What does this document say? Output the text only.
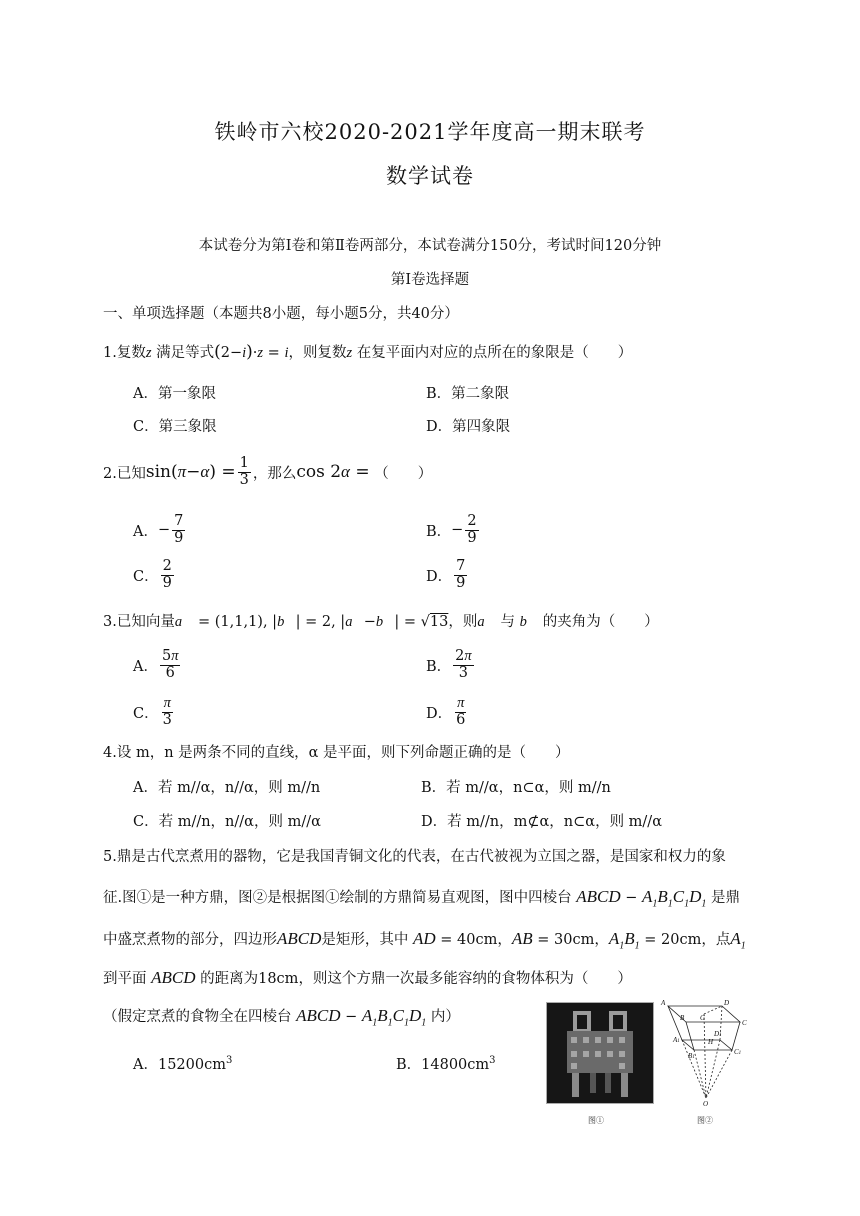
铁岭市六校2020-2021学年度高一期末联考
数学试卷
本试卷分为第Ⅰ卷和第Ⅱ卷两部分，本试卷满分150分，考试时间120分钟
第Ⅰ卷选择题
一、单项选择题（本题共8小题，每小题5分，共40分）
1.复数z 满足等式(2−i)·z = i，则复数z 在复平面内对应的点所在的象限是（　　）
A．第一象限	B．第二象限
C．第三象限	D．第四象限
2.已知 $\sin(\pi-\alpha) = \frac{1}{3}$ ，那么 cos 2α =
（　　）
A． − $\frac{7}{9}$	B． − $\frac{2}{9}$
C． $\frac{2}{9}$	D． $\frac{7}{9}$
3.已知向量a⃗ = (1,1,1), |b⃗| = 2, |a⃗−b⃗| = √13，则a⃗ 与 b⃗ 的夹角为（　　）
A． $\frac{5\pi}{6}$	B． $\frac{2\pi}{3}$
C． $\frac{\pi}{3}$	D． $\frac{\pi}{6}$
4.设 m，n 是两条不同的直线，α 是平面，则下列命题正确的是（　　）
A．若 m//α，n//α，则 m//n	B．若 m//α，n⊂α，则 m//n
C．若 m//n，n//α，则 m//α	D．若 m//n，m⊄α，n⊂α，则 m//α
5.鼎是古代烹煮用的器物，它是我国青铜文化的代表，在古代被视为立国之器，是国家和权力的象
征.图①是一种方鼎，图②是根据图①绘制的方鼎简易直观图，图中四棱台 ABCD − $A_1B_1C_1D_1$ 是鼎
中盛烹煮物的部分，四边形ABCD是矩形，其中 AD = 40cm，AB = 30cm，$A_1B_1 = 20cm$，点$A_1$
到平面 ABCD 的距离为18cm，则这个方鼎一次最多能容纳的食物体积为（　　）
（假定烹煮的食物全在四棱台 ABCD − $A_1B_1C_1D_1$ 内）
A．$15200cm^3$	B．$14800cm^3$
图①
A	D
C
B G
A1
B1
H
D1
C1
O
图②
